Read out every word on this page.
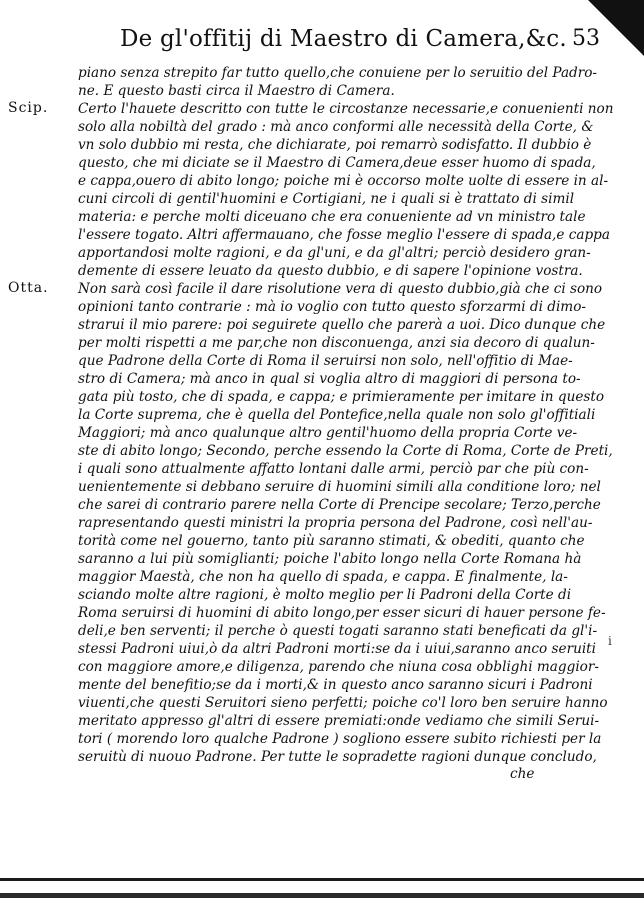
De gl'offitij di Maestro di Camera,&c. 53
piano senza strepito far tutto quello,che conuiene per lo seruitio del Padro-
ne. E questo basti circa il Maestro di Camera.
Certo l'hauete descritto con tutte le circostanze necessarie,e conuenienti non
solo alla nobiltà del grado : mà anco conformi alle necessità della Corte, &
vn solo dubbio mi resta, che dichiarate, poi remarrò sodisfatto. Il dubbio è
questo, che mi diciate se il Maestro di Camera,deue esser huomo di spada,
e cappa,ouero di abito longo; poiche mi è occorso molte uolte di essere in al-
cuni circoli di gentil'huomini e Cortigiani, ne i quali si è trattato di simil
materia: e perche molti diceuano che era conueniente ad vn ministro tale
l'essere togato. Altri affermauano, che fosse meglio l'essere di spada,e cappa
apportandosi molte ragioni, e da gl'uni, e da gl'altri; perciò desidero gran-
demente di essere leuato da questo dubbio, e di sapere l'opinione vostra.
Non sarà così facile il dare risolutione vera di questo dubbio,già che ci sono
opinioni tanto contrarie : mà io voglio con tutto questo sforzarmi di dimo-
strarui il mio parere: poi seguirete quello che parerà a uoi. Dico dunque che
per molti rispetti a me par,che non disconuenga, anzi sia decoro di qualun-
que Padrone della Corte di Roma il seruirsi non solo, nell'offitio di Mae-
stro di Camera; mà anco in qual si voglia altro di maggiori di persona to-
gata più tosto, che di spada, e cappa; e primieramente per imitare in questo
la Corte suprema, che è quella del Pontefice,nella quale non solo gl'offitiali
Maggiori; mà anco qualunque altro gentil'huomo della propria Corte ve-
ste di abito longo; Secondo, perche essendo la Corte di Roma, Corte de Preti,
i quali sono attualmente affatto lontani dalle armi, perciò par che più con-
uenientemente si debbano seruire di huomini simili alla conditione loro; nel
che sarei di contrario parere nella Corte di Prencipe secolare; Terzo,perche
rapresentando questi ministri la propria persona del Padrone, così nell'au-
torità come nel gouerno, tanto più saranno stimati, & obediti, quanto che
saranno a lui più somiglianti; poiche l'abito longo nella Corte Romana hà
maggior Maestà, che non ha quello di spada, e cappa. E finalmente, la-
sciando molte altre ragioni, è molto meglio per li Padroni della Corte di
Roma seruirsi di huomini di abito longo,per esser sicuri di hauer persone fe-
deli,e ben serventi; il perche ò questi togati saranno stati beneficati da gl'i-
stessi Padroni uiui,ò da altri Padroni morti:se da i uiui,saranno anco seruiti
con maggiore amore,e diligenza, parendo che niuna cosa obblighi maggior-
mente del benefitio;se da i morti,& in questo anco saranno sicuri i Padroni
viuenti,che questi Seruitori sieno perfetti; poiche co'l loro ben seruire hanno
meritato appresso gl'altri di essere premiati:onde vediamo che simili Serui-
tori ( morendo loro qualche Padrone ) sogliono essere subito richiesti per la
seruitù di nuouo Padrone. Per tutte le sopradette ragioni dunque concludo,
Scip.
Otta.
che
i
